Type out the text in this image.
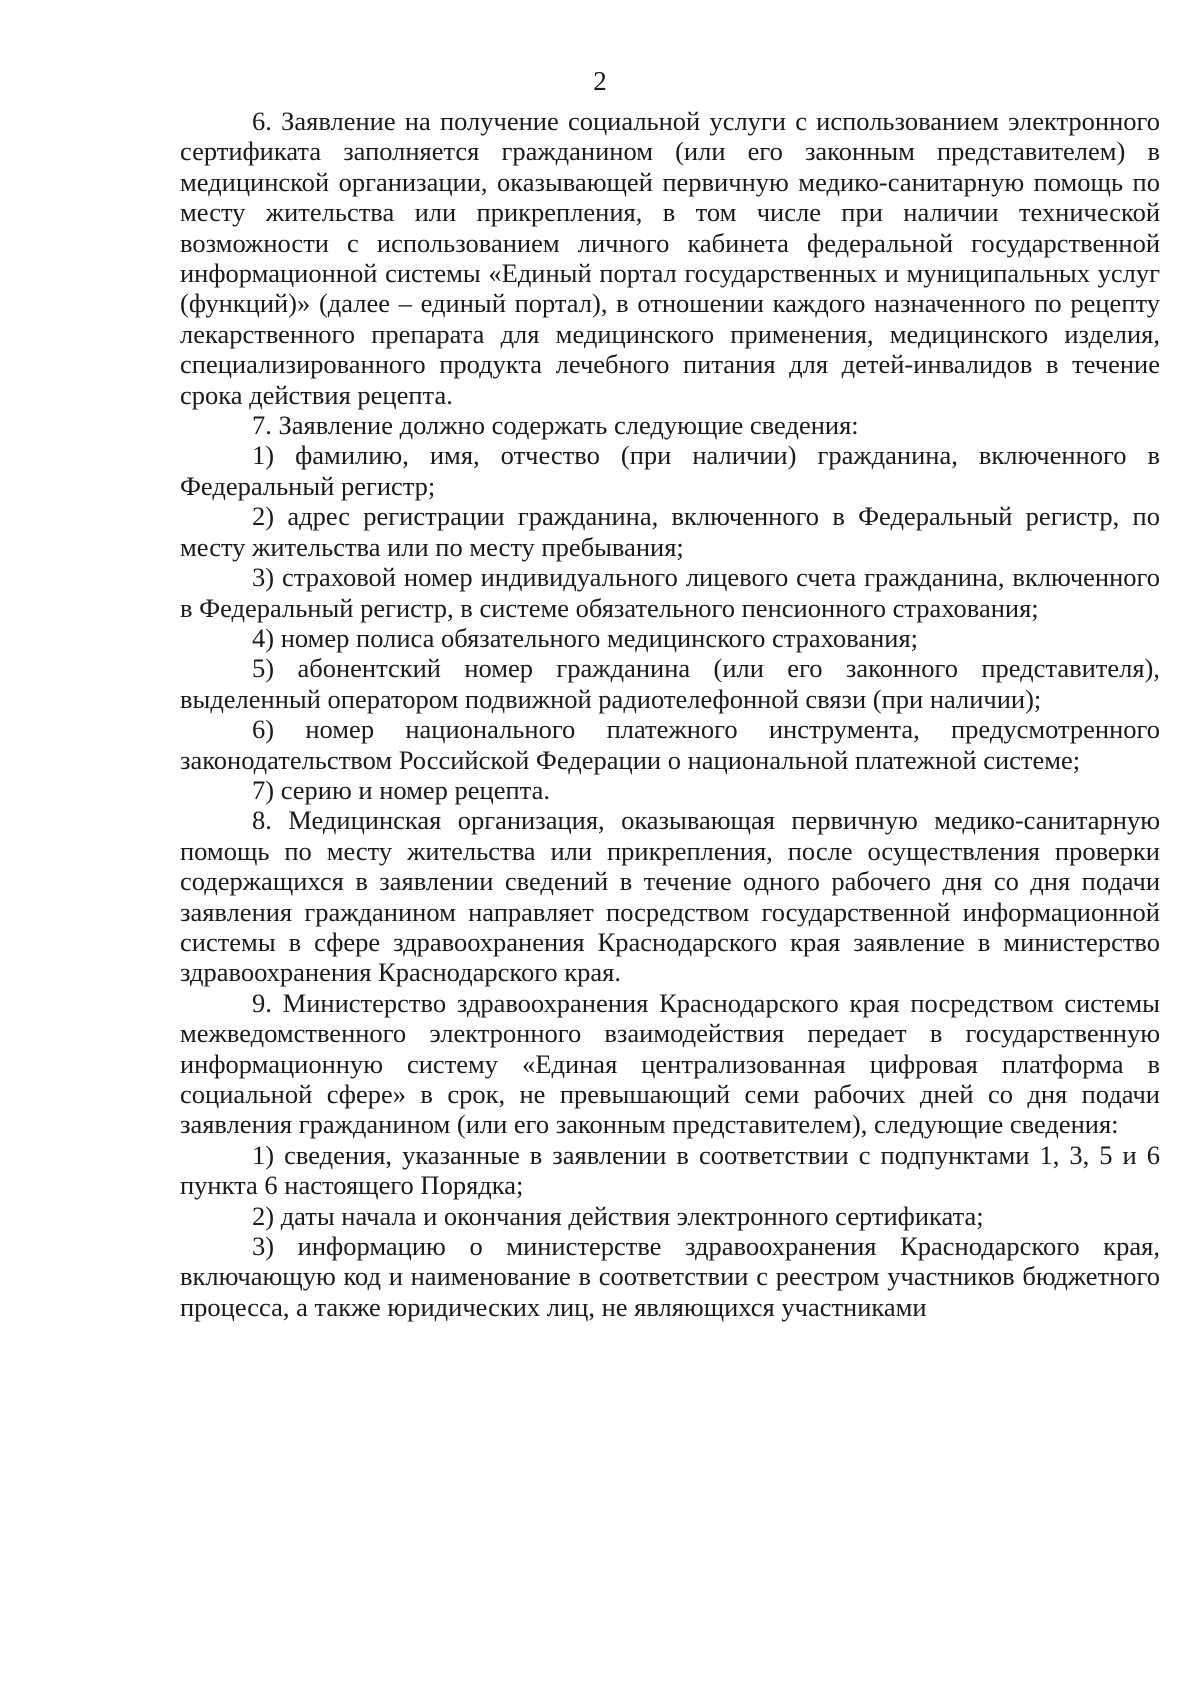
2

6. Заявление на получение социальной услуги с использованием электронного сертификата заполняется гражданином (или его законным представителем) в медицинской организации, оказывающей первичную медико-санитарную помощь по месту жительства или прикрепления, в том числе при наличии технической возможности с использованием личного кабинета федеральной государственной информационной системы «Единый портал государственных и муниципальных услуг (функций)» (далее – единый портал), в отношении каждого назначенного по рецепту лекарственного препарата для медицинского применения, медицинского изделия, специализированного продукта лечебного питания для детей-инвалидов в течение срока действия рецепта.

7. Заявление должно содержать следующие сведения:

1) фамилию, имя, отчество (при наличии) гражданина, включенного в Федеральный регистр;

2) адрес регистрации гражданина, включенного в Федеральный регистр, по месту жительства или по месту пребывания;

3) страховой номер индивидуального лицевого счета гражданина, включенного в Федеральный регистр, в системе обязательного пенсионного страхования;

4) номер полиса обязательного медицинского страхования;

5) абонентский номер гражданина (или его законного представителя), выделенный оператором подвижной радиотелефонной связи (при наличии);

6) номер национального платежного инструмента, предусмотренного законодательством Российской Федерации о национальной платежной системе;

7) серию и номер рецепта.

8. Медицинская организация, оказывающая первичную медико-санитарную помощь по месту жительства или прикрепления, после осуществления проверки содержащихся в заявлении сведений в течение одного рабочего дня со дня подачи заявления гражданином направляет посредством государственной информационной системы в сфере здравоохранения Краснодарского края заявление в министерство здравоохранения Краснодарского края.

9. Министерство здравоохранения Краснодарского края посредством системы межведомственного электронного взаимодействия передает в государственную информационную систему «Единая централизованная цифровая платформа в социальной сфере» в срок, не превышающий семи рабочих дней со дня подачи заявления гражданином (или его законным представителем), следующие сведения:

1) сведения, указанные в заявлении в соответствии с подпунктами 1, 3, 5 и 6 пункта 6 настоящего Порядка;

2) даты начала и окончания действия электронного сертификата;

3) информацию о министерстве здравоохранения Краснодарского края, включающую код и наименование в соответствии с реестром участников бюджетного процесса, а также юридических лиц, не являющихся участниками
